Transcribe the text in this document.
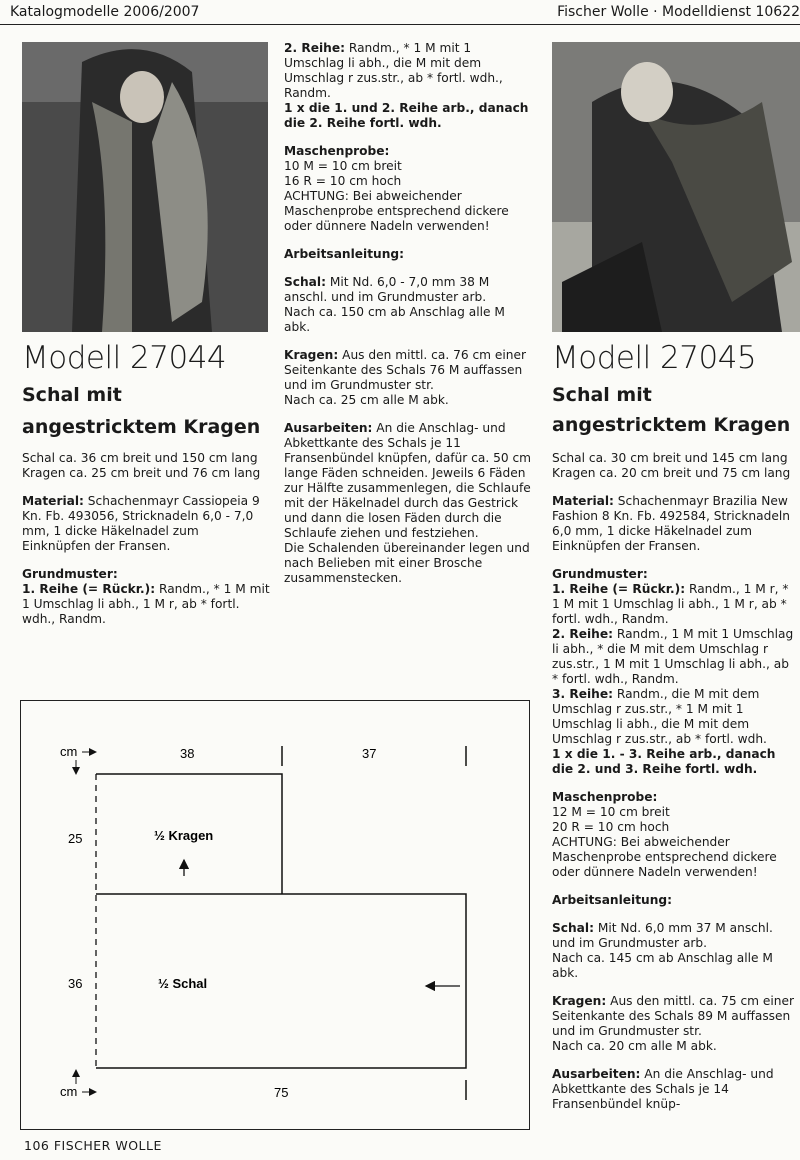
Katalogmodelle 2006/2007	Fischer Wolle · Modelldienst 10622
Modell 27044
Schal mit
angestricktem Kragen

Schal ca. 36 cm breit und 150 cm lang
Kragen ca. 25 cm breit und 76 cm lang

Material: Schachenmayr Cassiopeia 9 Kn. Fb. 493056, Stricknadeln 6,0 - 7,0 mm, 1 dicke Häkelnadel zum Einknüpfen der Fransen.

Grundmuster:
1. Reihe (= Rückr.): Randm., * 1 M mit 1 Umschlag li abh., 1 M r, ab * fortl. wdh., Randm.
2. Reihe: Randm., * 1 M mit 1 Umschlag li abh., die M mit dem Umschlag r zus.str., ab * fortl. wdh., Randm.

1 x die 1. und 2. Reihe arb., danach die 2. Reihe fortl. wdh.

Maschenprobe:
10 M = 10 cm breit
16 R = 10 cm hoch
ACHTUNG: Bei abweichender Maschenprobe entsprechend dickere oder dünnere Nadeln verwenden!

Arbeitsanleitung:

Schal: Mit Nd. 6,0 - 7,0 mm 38 M anschl. und im Grundmuster arb.
Nach ca. 150 cm ab Anschlag alle M abk.

Kragen: Aus den mittl. ca. 76 cm einer Seitenkante des Schals 76 M auffassen und im Grundmuster str.
Nach ca. 25 cm alle M abk.

Ausarbeiten: An die Anschlag- und Abkettkante des Schals je 11 Fransenbündel knüpfen, dafür ca. 50 cm lange Fäden schneiden. Jeweils 6 Fäden zur Hälfte zusammenlegen, die Schlaufe mit der Häkelnadel durch das Gestrick und dann die losen Fäden durch die Schlaufe ziehen und festziehen.
Die Schalenden übereinander legen und nach Belieben mit einer Brosche zusammenstecken.

Modell 27045
Schal mit
angestricktem Kragen

Schal ca. 30 cm breit und 145 cm lang
Kragen ca. 20 cm breit und 75 cm lang

Material: Schachenmayr Brazilia New Fashion 8 Kn. Fb. 492584, Stricknadeln 6,0 mm, 1 dicke Häkelnadel zum Einknüpfen der Fransen.

Grundmuster:
1. Reihe (= Rückr.): Randm., 1 M r, * 1 M mit 1 Umschlag li abh., 1 M r, ab * fortl. wdh., Randm.
2. Reihe: Randm., 1 M mit 1 Umschlag li abh., * die M mit dem Umschlag r zus.str., 1 M mit 1 Umschlag li abh., ab * fortl. wdh., Randm.
3. Reihe: Randm., die M mit dem Umschlag r zus.str., * 1 M mit 1 Umschlag li abh., die M mit dem Umschlag r zus.str., ab * fortl. wdh.

1 x die 1. - 3. Reihe arb., danach die 2. und 3. Reihe fortl. wdh.

Maschenprobe:
12 M = 10 cm breit
20 R = 10 cm hoch
ACHTUNG: Bei abweichender Maschenprobe entsprechend dickere oder dünnere Nadeln verwenden!

Arbeitsanleitung:

Schal: Mit Nd. 6,0 mm 37 M anschl. und im Grundmuster arb.
Nach ca. 145 cm ab Anschlag alle M abk.

Kragen: Aus den mittl. ca. 75 cm einer Seitenkante des Schals 89 M auffassen und im Grundmuster str.
Nach ca. 20 cm alle M abk.

Ausarbeiten: An die Anschlag- und Abkettkante des Schals je 14 Fransenbündel knüp-

cm	38	37
25	½ Kragen
36	½ Schal
cm	75
106 FISCHER WOLLE
